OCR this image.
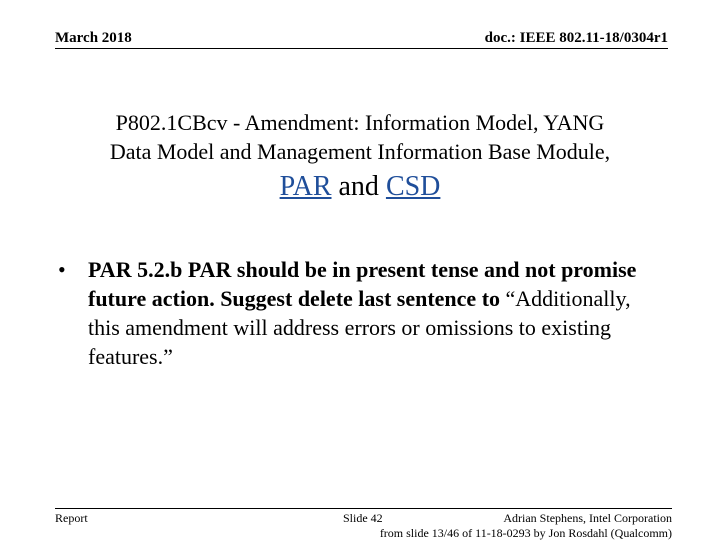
March 2018	doc.: IEEE 802.11-18/0304r1
P802.1CBcv - Amendment: Information Model, YANG
Data Model and Management Information Base Module,
PAR and CSD
•	PAR 5.2.b PAR should be in present tense and not promise future action. Suggest delete last sentence to “Additionally, this amendment will address errors or omissions to existing features.”
Report	Slide 42	Adrian Stephens, Intel Corporation
from slide 13/46 of 11-18-0293 by Jon Rosdahl (Qualcomm)
